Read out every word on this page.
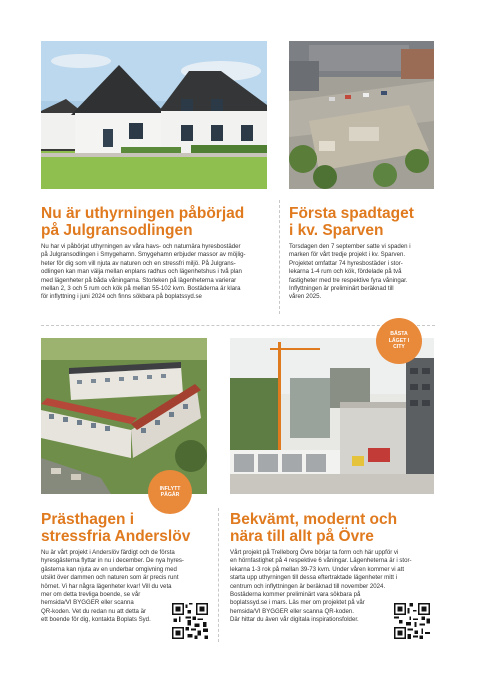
Nu är uthyrningen påbörjad
på Julgransodlingen
Nu har vi påbörjat uthyrningen av våra havs- och naturnära hyresbostäder
på Julgransodlingen i Smygehamn. Smygehamn erbjuder massor av möjlig-
heter för dig som vill njuta av naturen och en stressfri miljö. På Julgrans-
odlingen kan man välja mellan enplans radhus och lägenhetshus i två plan
med lägenheter på båda våningarna. Storleken på lägenheterna varierar
mellan 2, 3 och 5 rum och kök på mellan 55-102 kvm. Bostäderna är klara
för inflyttning i juni 2024 och finns sökbara på boplatssyd.se
Första spadtaget
i kv. Sparven
Torsdagen den 7 september satte vi spaden i
marken för vårt tredje projekt i kv. Sparven.
Projektet omfattar 74 hyresbostäder i stor-
lekarna 1-4 rum och kök, fördelade på två
fastigheter med tre respektive fyra våningar.
Inflyttningen är preliminärt beräknad till
våren 2025.
INFLYTT
PÅGÅR
BÄSTA
LÄGET I
CITY
Prästhagen i
stressfria Anderslöv
Nu är vårt projekt i Anderslöv färdigt och de första
hyresgästerna flyttar in nu i december. De nya hyres-
gästerna kan njuta av en underbar omgivning med
utsikt över dammen och naturen som är precis runt
hörnet. Vi har några lägenheter kvar! Vill du veta
mer om detta trevliga boende, se vår
hemsida/VI BYGGER eller scanna
QR-koden. Vet du redan nu att detta är
ett boende för dig, kontakta Boplats Syd.
Bekvämt, modernt och
nära till allt på Övre
Vårt projekt på Trelleborg Övre börjar ta form och här uppför vi
en hörnfastighet på 4 respektive 6 våningar. Lägenheterna är i stor-
lekarna 1-3 rok på mellan 39-73 kvm. Under våren kommer vi att
starta upp uthyrningen till dessa eftertraktade lägenheter mitt i
centrum och inflyttningen är beräknad till november 2024.
Bostäderna kommer preliminärt vara sökbara på
boplatssyd.se i mars. Läs mer om projektet på vår
hemsida/VI BYGGER eller scanna QR-koden.
Där hittar du även vår digitala inspirationsfolder.
